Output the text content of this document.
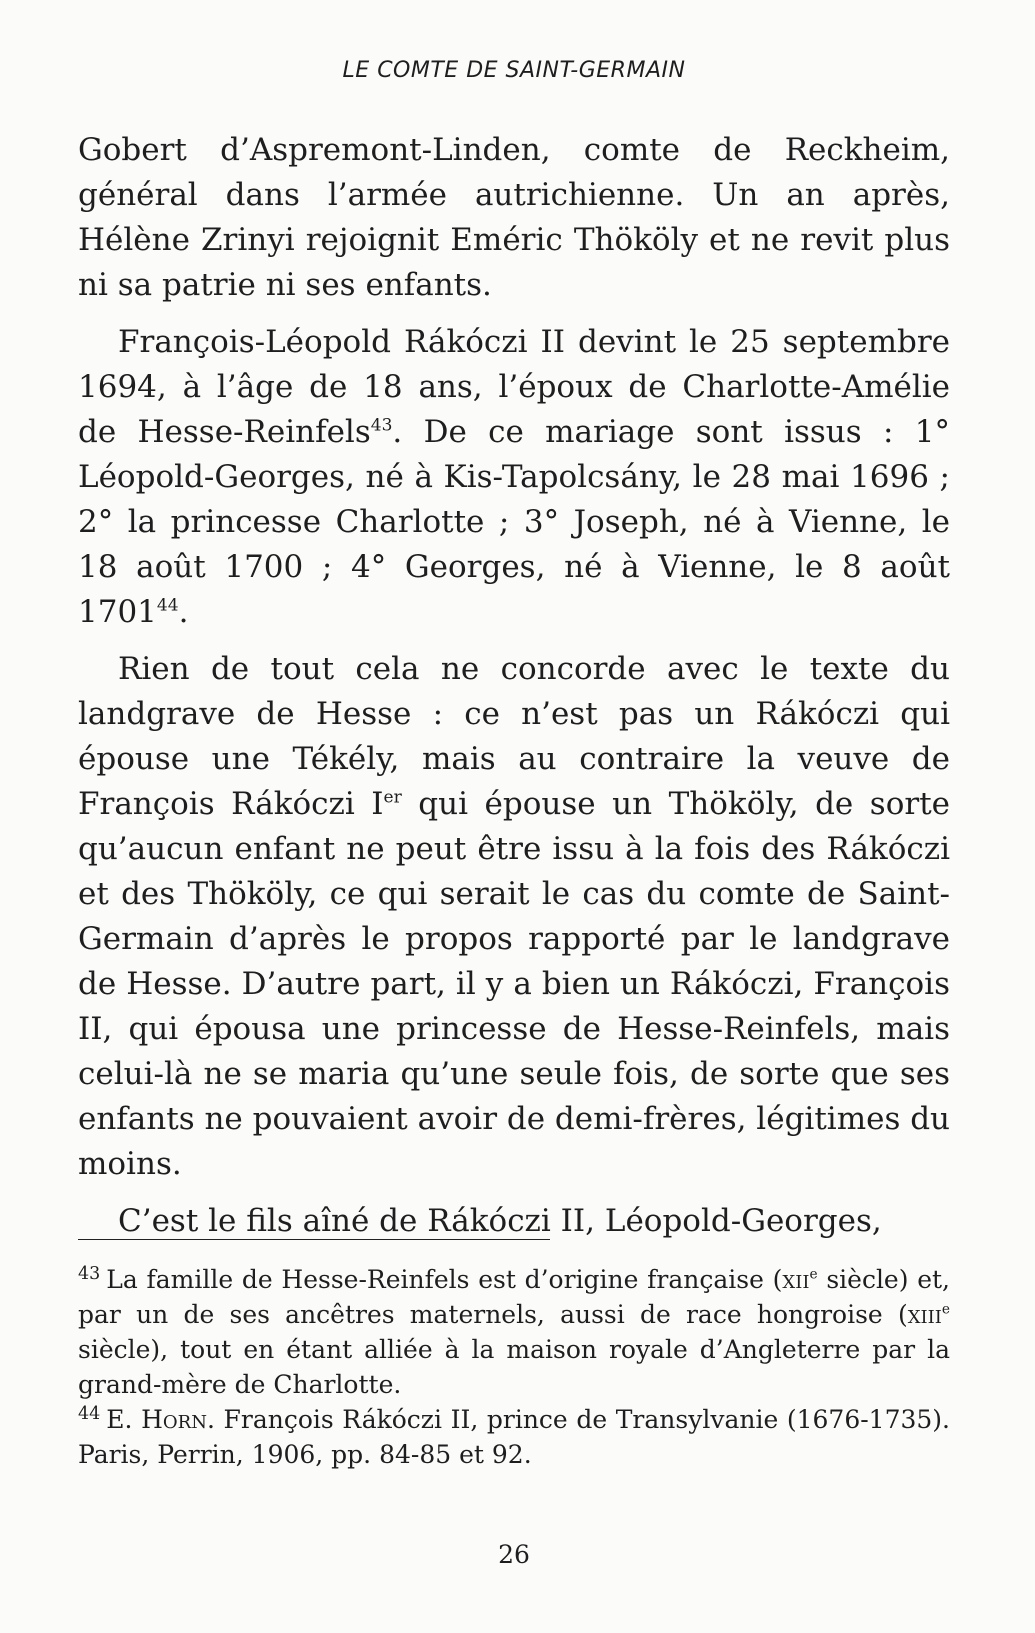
LE COMTE DE SAINT-GERMAIN

Gobert d’Aspremont-Linden, comte de Reckheim, général dans l’armée autrichienne. Un an après, Hélène Zrinyi rejoignit Eméric Thököly et ne revit plus ni sa patrie ni ses enfants.

François-Léopold Rákóczi II devint le 25 septembre 1694, à l’âge de 18 ans, l’époux de Charlotte-Amélie de Hesse-Reinfels$^{43}$. De ce mariage sont issus : 1° Léopold-Georges, né à Kis-Tapolcsány, le 28 mai 1696 ; 2° la princesse Charlotte ; 3° Joseph, né à Vienne, le 18 août 1700 ; 4° Georges, né à Vienne, le 8 août 1701$^{44}$.

Rien de tout cela ne concorde avec le texte du landgrave de Hesse : ce n’est pas un Rákóczi qui épouse une Tékély, mais au contraire la veuve de François Rákóczi Ier qui épouse un Thököly, de sorte qu’aucun enfant ne peut être issu à la fois des Rákóczi et des Thököly, ce qui serait le cas du comte de Saint-Germain d’après le propos rapporté par le landgrave de Hesse. D’autre part, il y a bien un Rákóczi, François II, qui épousa une princesse de Hesse-Reinfels, mais celui-là ne se maria qu’une seule fois, de sorte que ses enfants ne pouvaient avoir de demi-frères, légitimes du moins.

C’est le fils aîné de Rákóczi II, Léopold-Georges,

$^{43}$ La famille de Hesse-Reinfels est d’origine française (xii$^e$ siècle) et, par un de ses ancêtres maternels, aussi de race hongroise (xiii$^e$ siècle), tout en étant alliée à la maison royale d’Angleterre par la grand-mère de Charlotte.

$^{44}$ E. Horn. François Rákóczi II, prince de Transylvanie (1676-1735). Paris, Perrin, 1906, pp. 84-85 et 92.

26
